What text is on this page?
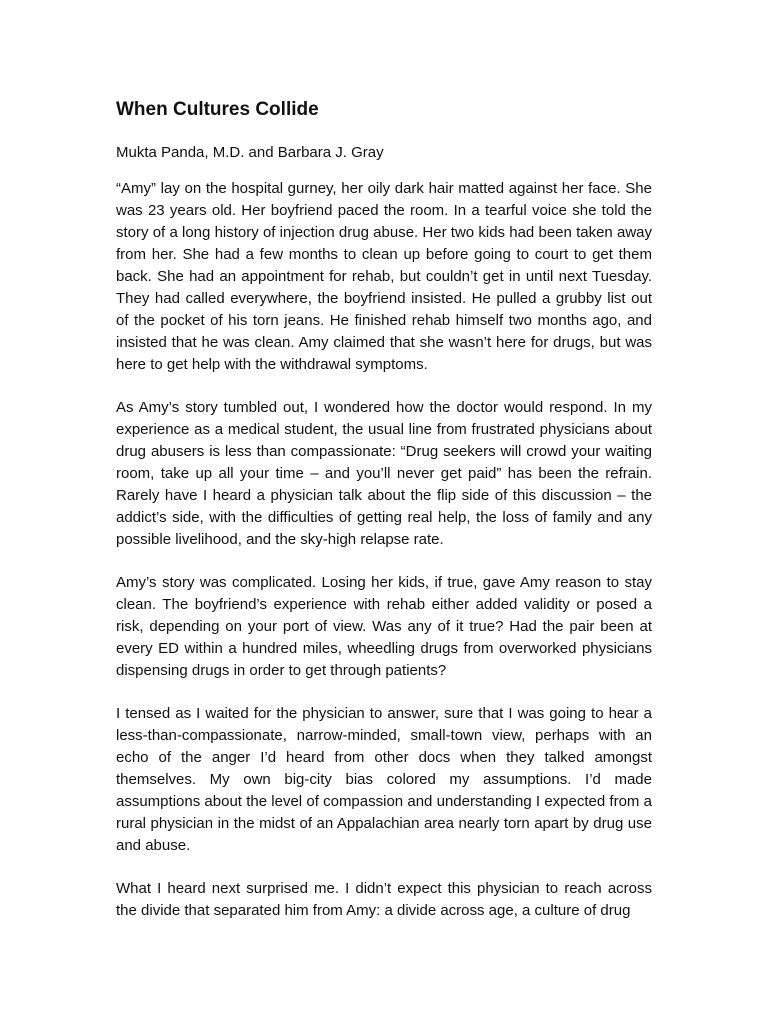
When Cultures Collide
Mukta Panda, M.D. and Barbara J. Gray

“Amy” lay on the hospital gurney, her oily dark hair matted against her face. She was 23 years old. Her boyfriend paced the room. In a tearful voice she told the story of a long history of injection drug abuse. Her two kids had been taken away from her. She had a few months to clean up before going to court to get them back. She had an appointment for rehab, but couldn’t get in until next Tuesday. They had called everywhere, the boyfriend insisted. He pulled a grubby list out of the pocket of his torn jeans. He finished rehab himself two months ago, and insisted that he was clean. Amy claimed that she wasn’t here for drugs, but was here to get help with the withdrawal symptoms.

As Amy’s story tumbled out, I wondered how the doctor would respond. In my experience as a medical student, the usual line from frustrated physicians about drug abusers is less than compassionate: “Drug seekers will crowd your waiting room, take up all your time – and you’ll never get paid” has been the refrain. Rarely have I heard a physician talk about the flip side of this discussion – the addict’s side, with the difficulties of getting real help, the loss of family and any possible livelihood, and the sky-high relapse rate.

Amy’s story was complicated. Losing her kids, if true, gave Amy reason to stay clean. The boyfriend’s experience with rehab either added validity or posed a risk, depending on your port of view. Was any of it true? Had the pair been at every ED within a hundred miles, wheedling drugs from overworked physicians dispensing drugs in order to get through patients?

I tensed as I waited for the physician to answer, sure that I was going to hear a less-than-compassionate, narrow-minded, small-town view, perhaps with an echo of the anger I’d heard from other docs when they talked amongst themselves. My own big-city bias colored my assumptions. I’d made assumptions about the level of compassion and understanding I expected from a rural physician in the midst of an Appalachian area nearly torn apart by drug use and abuse.

What I heard next surprised me. I didn’t expect this physician to reach across the divide that separated him from Amy: a divide across age, a culture of drug
